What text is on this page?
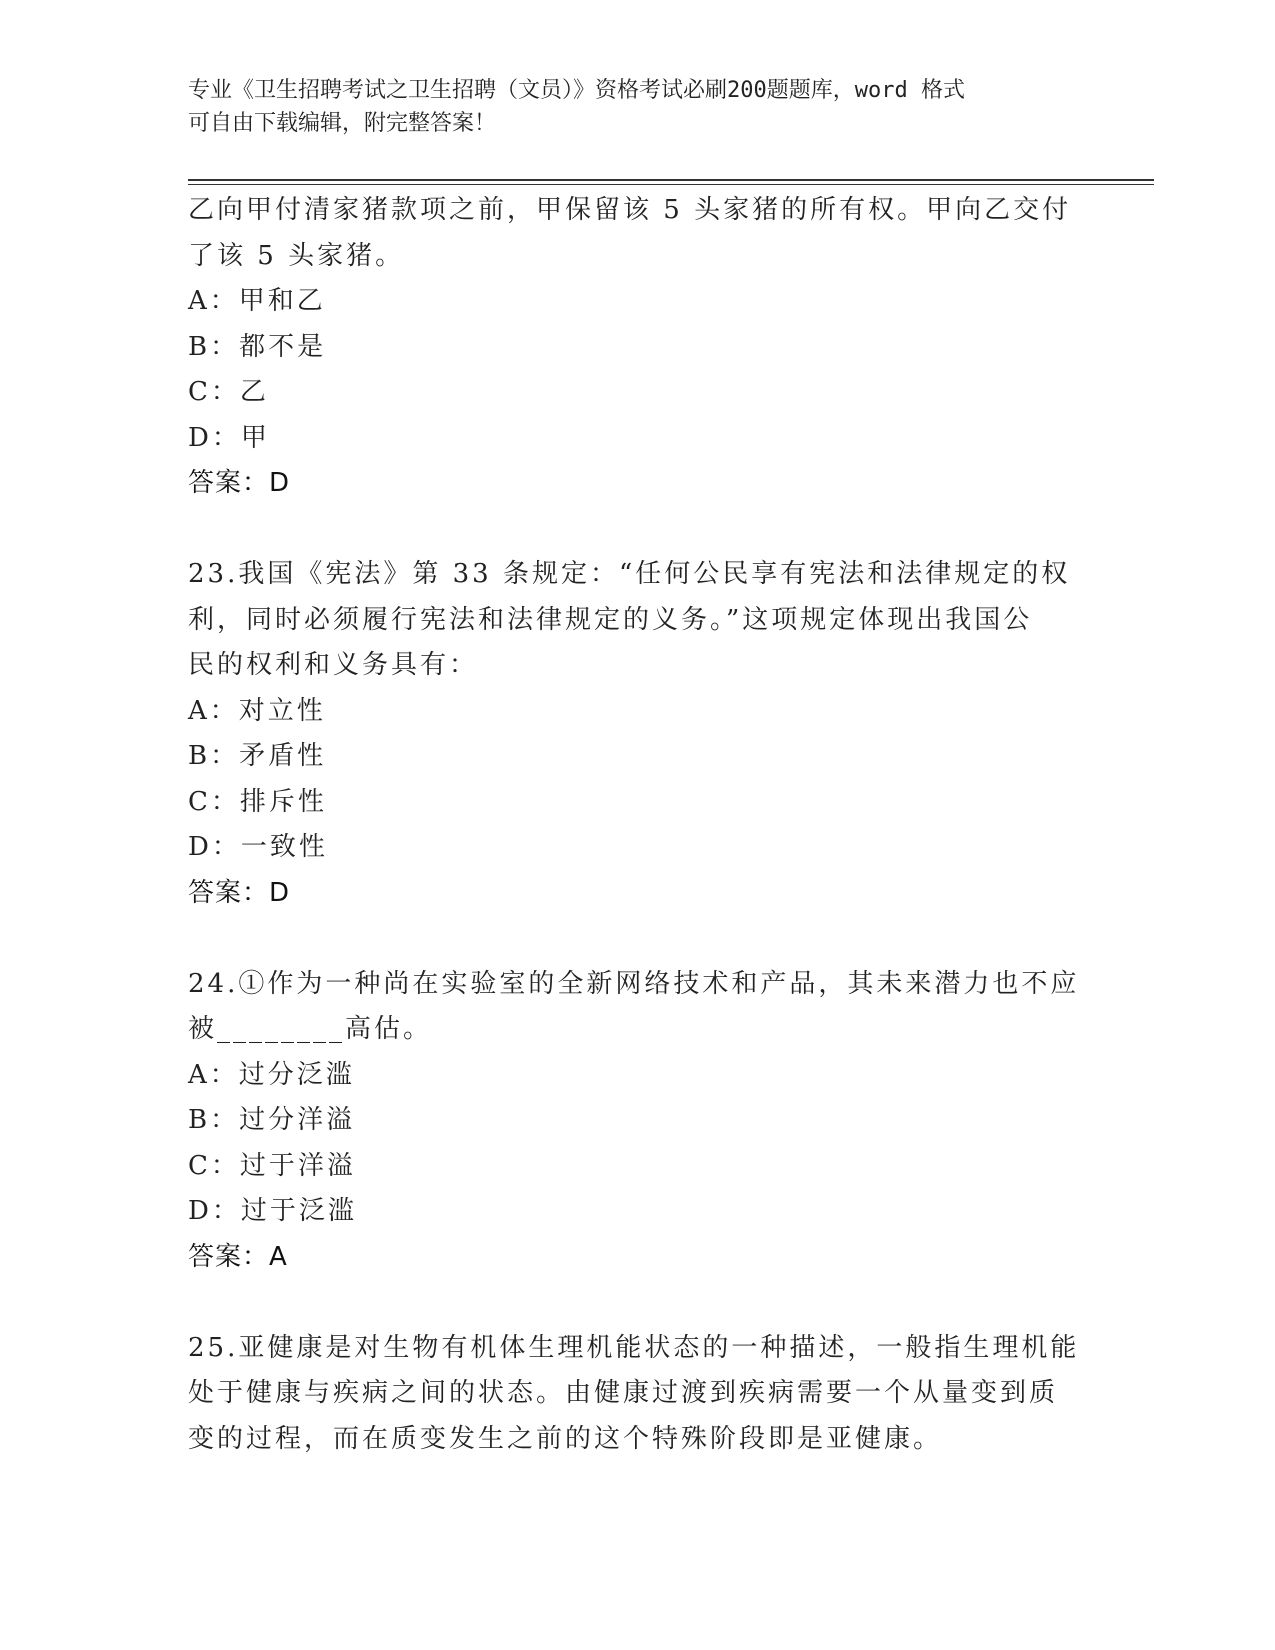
专业《卫生招聘考试之卫生招聘（文员）》资格考试必刷200题题库，word 格式
可自由下载编辑，附完整答案！
乙向甲付清家猪款项之前，甲保留该 5 头家猪的所有权。甲向乙交付
了该 5 头家猪。
A：甲和乙
B：都不是
C：乙
D：甲
答案：D
23.我国《宪法》第 33 条规定：“任何公民享有宪法和法律规定的权
利，同时必须履行宪法和法律规定的义务。”这项规定体现出我国公
民的权利和义务具有：
A：对立性
B：矛盾性
C：排斥性
D：一致性
答案：D
24.①作为一种尚在实验室的全新网络技术和产品，其未来潜力也不应
被________高估。
A：过分泛滥
B：过分洋溢
C：过于洋溢
D：过于泛滥
答案：A
25.亚健康是对生物有机体生理机能状态的一种描述，一般指生理机能
处于健康与疾病之间的状态。由健康过渡到疾病需要一个从量变到质
变的过程，而在质变发生之前的这个特殊阶段即是亚健康。
